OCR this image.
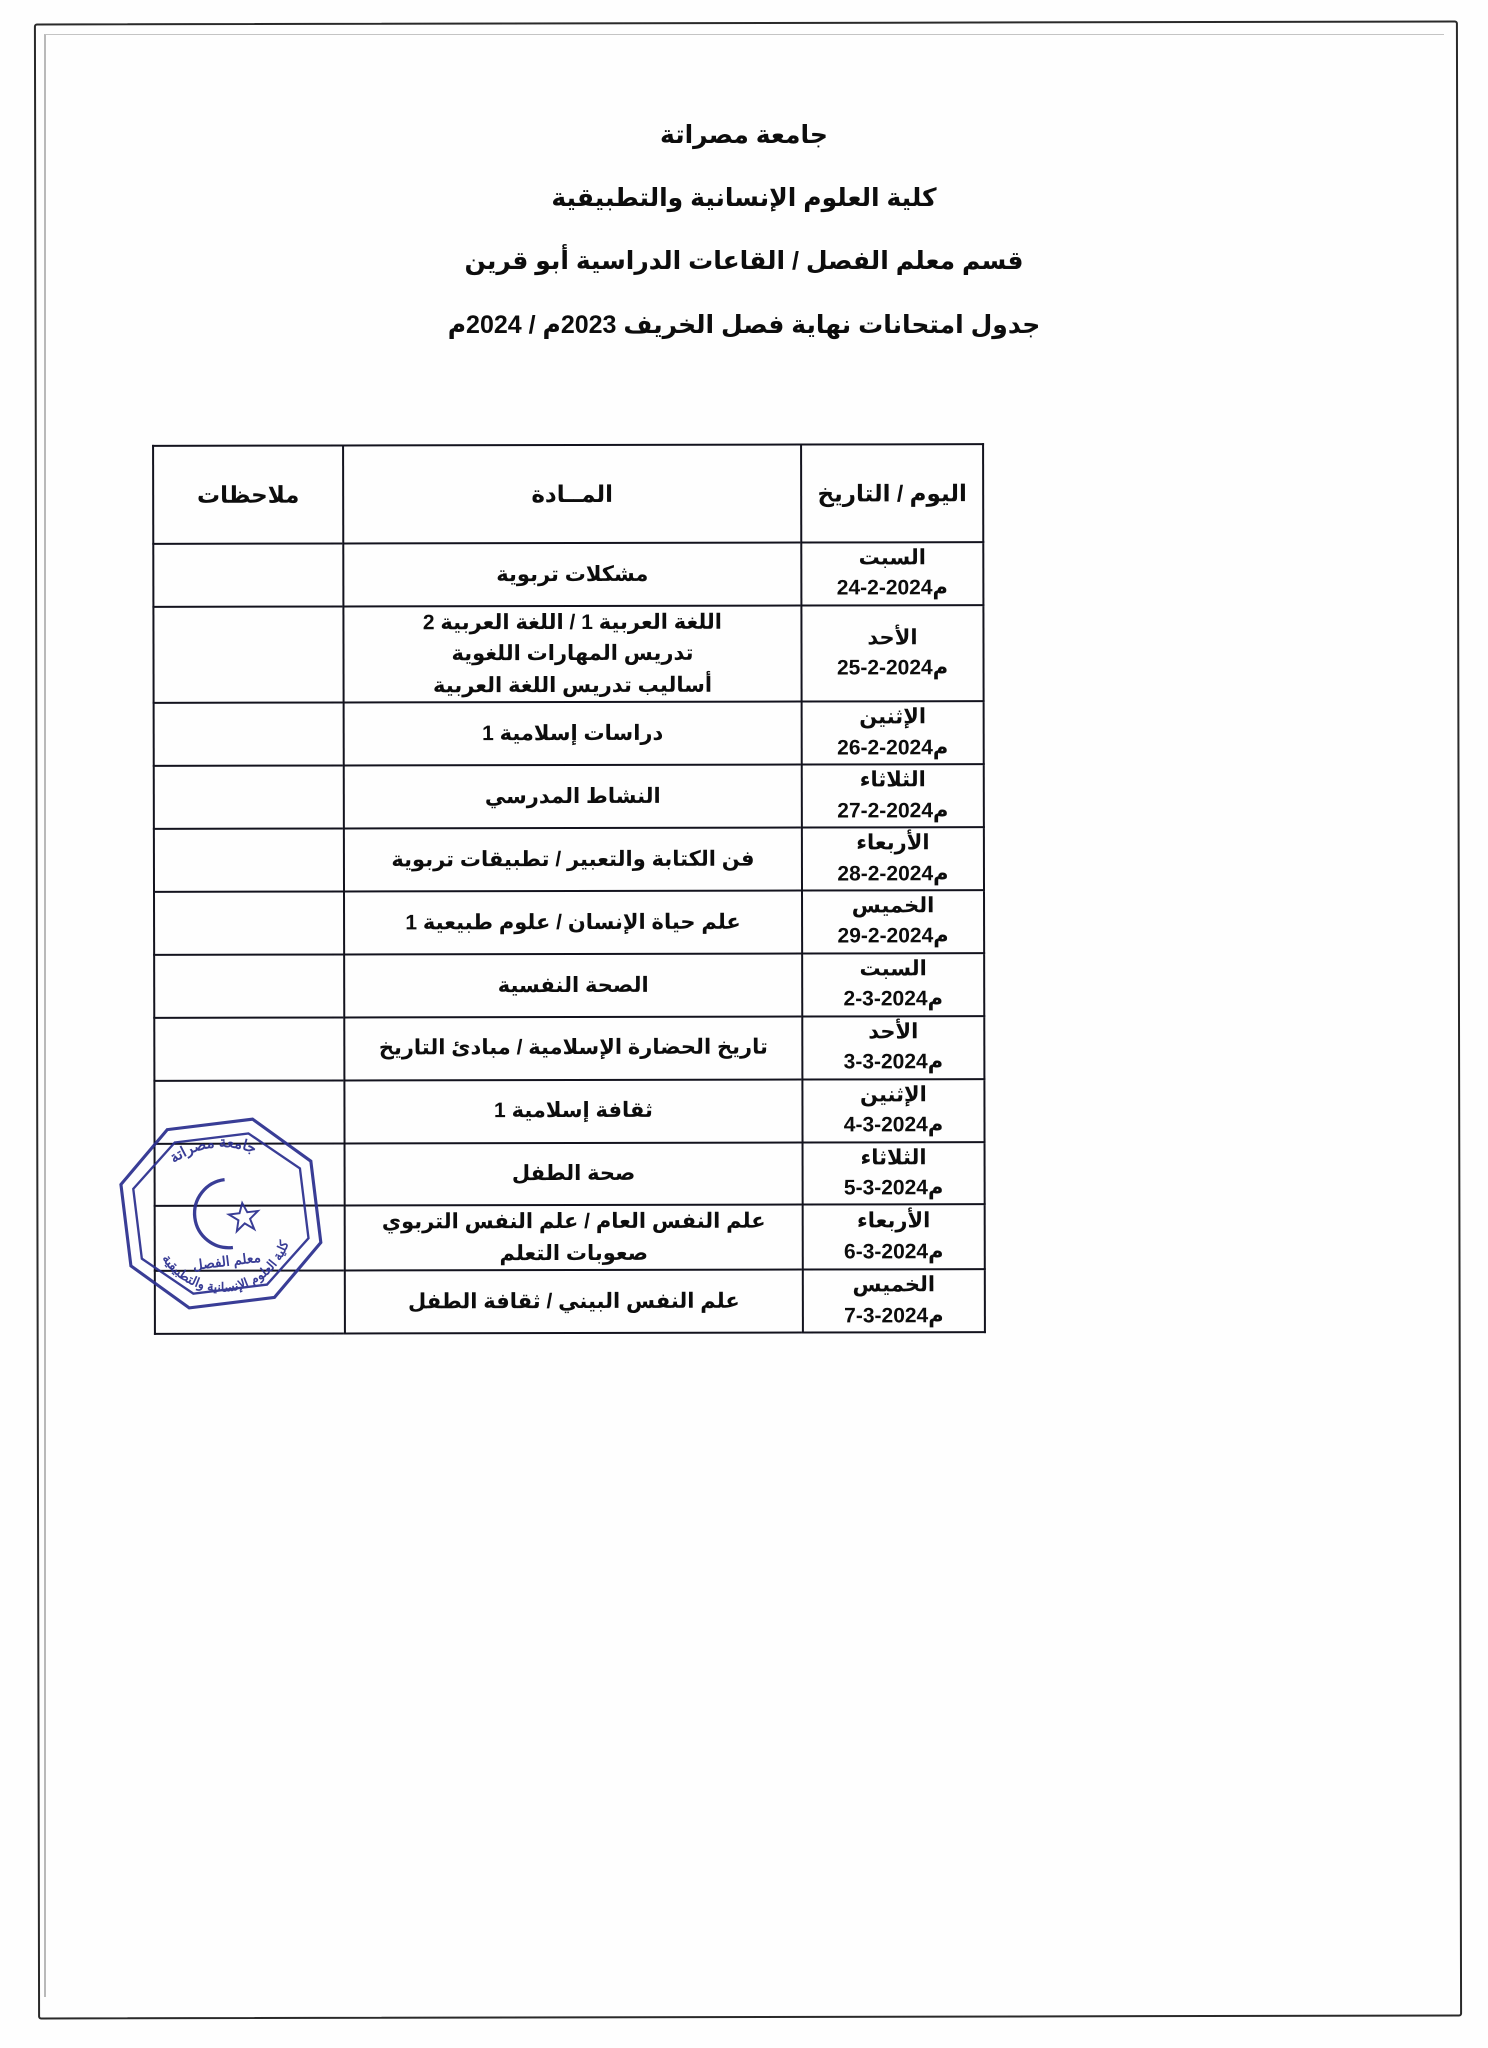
جامعة مصراتة
كلية العلوم الإنسانية والتطبيقية
قسم معلم الفصل / القاعات الدراسية أبو قرين
جدول امتحانات نهاية فصل الخريف 2023م / 2024م
اليوم / التاريخ	المــادة	ملاحظات

السبت
24-2-2024م	مشكلات تربوية	

الأحد
25-2-2024م	اللغة العربية 1 / اللغة العربية 2
تدريس المهارات اللغوية
أساليب تدريس اللغة العربية	

الإثنين
26-2-2024م	دراسات إسلامية 1	

الثلاثاء
27-2-2024م	النشاط المدرسي	

الأربعاء
28-2-2024م	فن الكتابة والتعبير / تطبيقات تربوية	

الخميس
29-2-2024م	علم حياة الإنسان / علوم طبيعية 1	

السبت
2-3-2024م	الصحة النفسية	

الأحد
3-3-2024م	تاريخ الحضارة الإسلامية / مبادئ التاريخ	

الإثنين
4-3-2024م	ثقافة إسلامية 1	

الثلاثاء
5-3-2024م	صحة الطفل	

الأربعاء
6-3-2024م	علم النفس العام / علم النفس التربوي
صعوبات التعلم	

الخميس
7-3-2024م	علم النفس البيني / ثقافة الطفل	

جامعة مصراتة
كلية العلوم الإنسانية والتطبيقية
معلم الفصل
